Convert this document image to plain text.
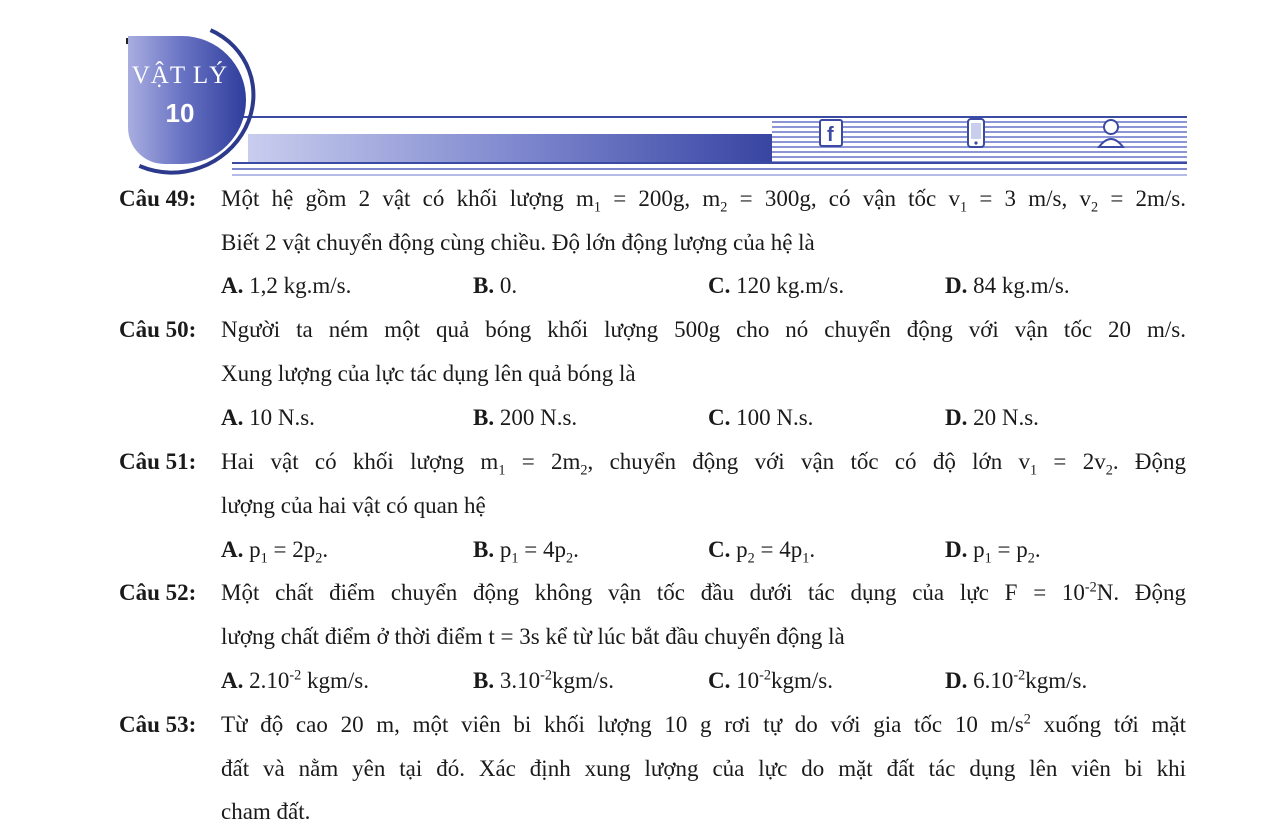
VẬT LÝ
10
f
Câu 49: Một hệ gồm 2 vật có khối lượng $m_1 = 200g$, $m_2 = 300g$, có vận tốc $v_1 = 3$ m/s, $v_2 = 2m/s$.
Biết 2 vật chuyển động cùng chiều. Độ lớn động lượng của hệ là
A. 1,2 kg.m/s.	B. 0.	C. 120 kg.m/s.	D. 84 kg.m/s.
Câu 50: Người ta ném một quả bóng khối lượng 500g cho nó chuyển động với vận tốc 20 m/s.
Xung lượng của lực tác dụng lên quả bóng là
A. 10 N.s.	B. 200 N.s.	C. 100 N.s.	D. 20 N.s.
Câu 51: Hai vật có khối lượng $m_1 = 2m_2$, chuyển động với vận tốc có độ lớn $v_1 = 2v_2$. Động
lượng của hai vật có quan hệ
A. $p_1 = 2p_2$.	B. $p_1 = 4p_2$.	C. $p_2 = 4p_1$.	D. $p_1 = p_2$.
Câu 52: Một chất điểm chuyển động không vận tốc đầu dưới tác dụng của lực $F = 10^{-2}N$. Động
lượng chất điểm ở thời điểm t = 3s kể từ lúc bắt đầu chuyển động là
A. $2.10^{-2}$ kgm/s.	B. $3.10^{-2}kgm/s$.	C. $10^{-2}kgm/s$.	D. $6.10^{-2}kgm/s$.
Câu 53: Từ độ cao 20 m, một viên bi khối lượng 10 g rơi tự do với gia tốc 10 $m/s^2$ xuống tới mặt
đất và nằm yên tại đó. Xác định xung lượng của lực do mặt đất tác dụng lên viên bi khi
cham đất.
